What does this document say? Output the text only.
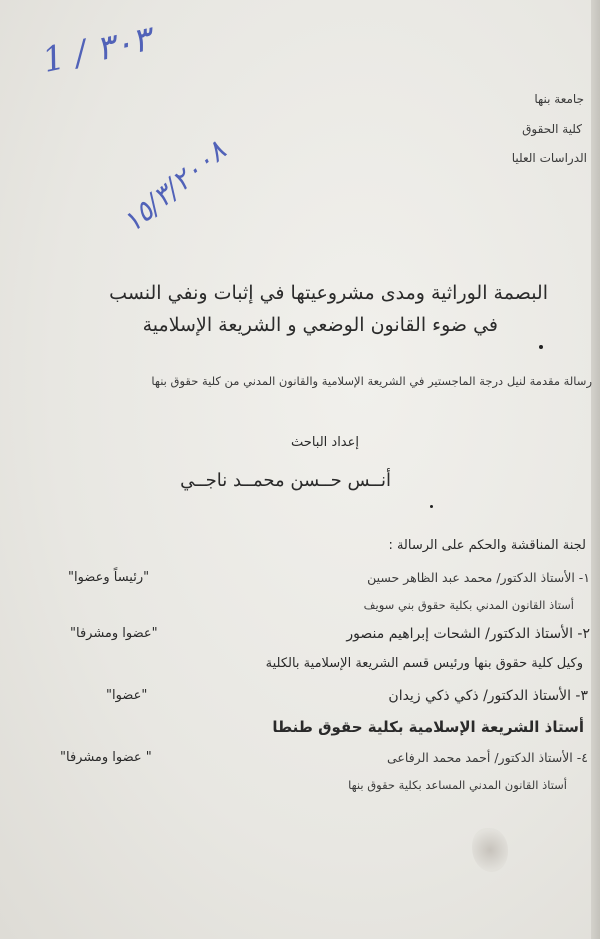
1 / ٣٠٣
١٥/٣/٢٠٠٨
جامعة بنها
كلية الحقوق
الدراسات العليا
البصمة الوراثية ومدى مشروعيتها في إثبات ونفي النسب
في ضوء القانون الوضعي و الشريعة الإسلامية
رسالة مقدمة لنيل درجة الماجستير في الشريعة الإسلامية والقانون المدني من كلية حقوق بنها
إعداد الباحث
أنــس حــسن محمــد ناجــي
لجنة المناقشة والحكم على الرسالة :
١- الأستاذ الدكتور/ محمد عبد الظاهر حسين
"رئيساً وعضوا"
أستاذ القانون المدني بكلية حقوق بني سويف
٢- الأستاذ الدكتور/ الشحات إبراهيم منصور
"عضوا ومشرفا"
وكيل كلية حقوق بنها ورئيس قسم الشريعة الإسلامية بالكلية
٣- الأستاذ الدكتور/ ذكي ذكي زيدان
"عضوا"
أستاذ الشريعة الإسلامية بكلية حقوق طنطا
٤- الأستاذ الدكتور/ أحمد محمد الرفاعى
" عضوا ومشرفا"
أستاذ القانون المدني المساعد بكلية حقوق بنها
